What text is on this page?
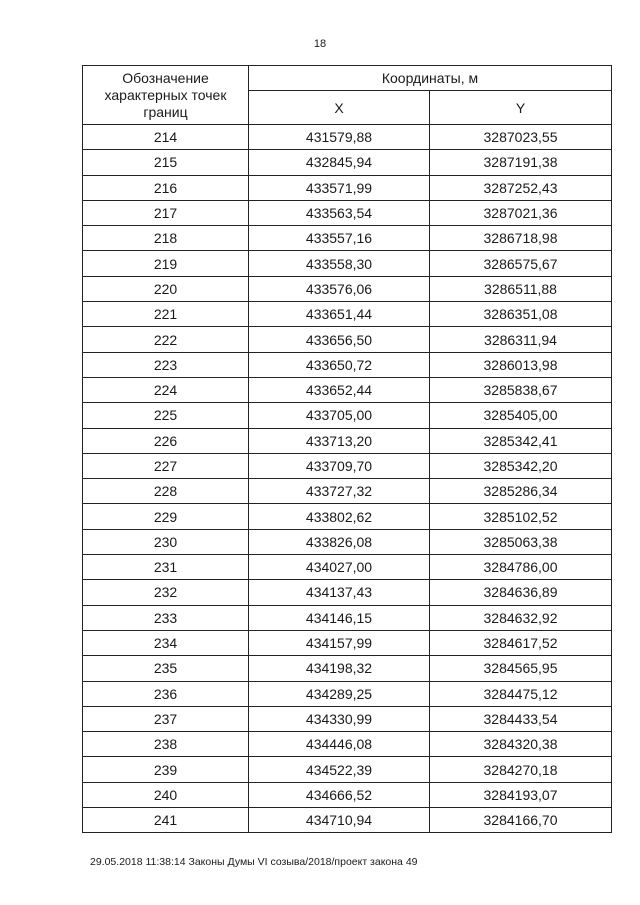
18
Обозначение
характерных точек
границ	Координаты, м	
	X	Y
214	431579,88	3287023,55
215	432845,94	3287191,38
216	433571,99	3287252,43
217	433563,54	3287021,36
218	433557,16	3286718,98
219	433558,30	3286575,67
220	433576,06	3286511,88
221	433651,44	3286351,08
222	433656,50	3286311,94
223	433650,72	3286013,98
224	433652,44	3285838,67
225	433705,00	3285405,00
226	433713,20	3285342,41
227	433709,70	3285342,20
228	433727,32	3285286,34
229	433802,62	3285102,52
230	433826,08	3285063,38
231	434027,00	3284786,00
232	434137,43	3284636,89
233	434146,15	3284632,92
234	434157,99	3284617,52
235	434198,32	3284565,95
236	434289,25	3284475,12
237	434330,99	3284433,54
238	434446,08	3284320,38
239	434522,39	3284270,18
240	434666,52	3284193,07
241	434710,94	3284166,70
29.05.2018 11:38:14 Законы Думы VI созыва/2018/проект закона 49
